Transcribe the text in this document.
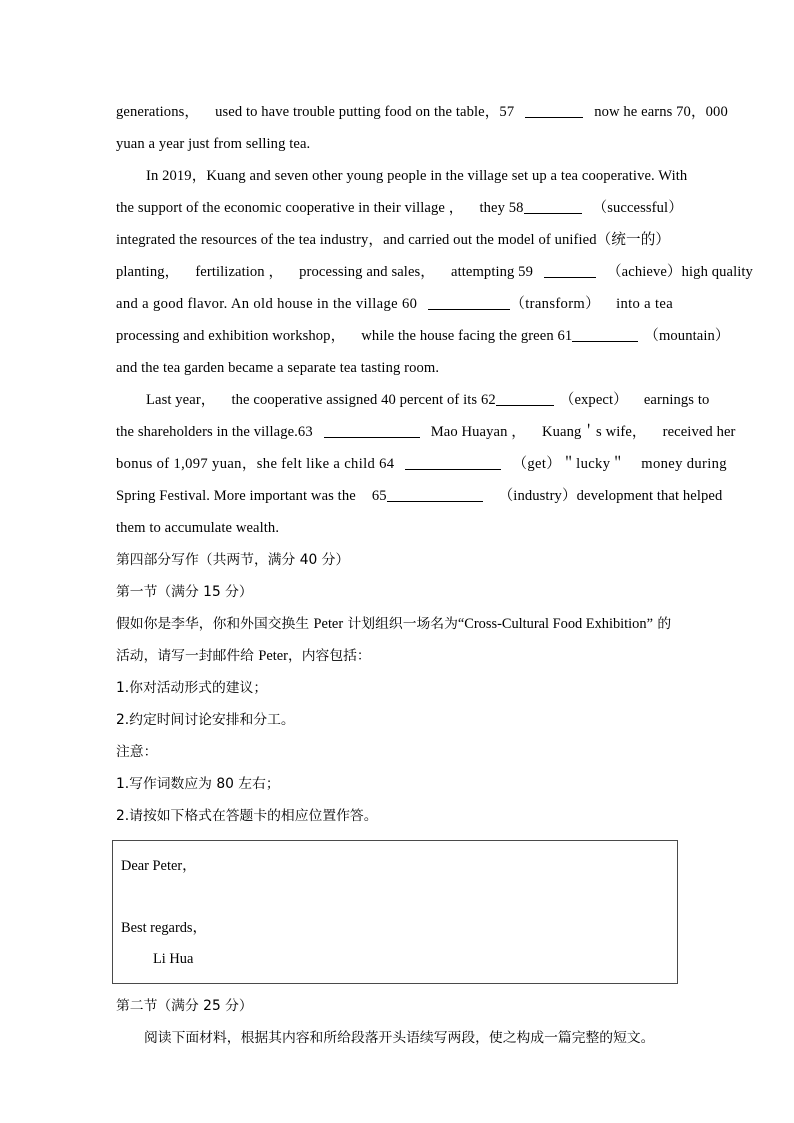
generations， used to have trouble putting food on the table，57	now he earns 70，000
yuan a year just from selling tea.
In 2019，Kuang and seven other young people in the village set up a tea cooperative. With
the support of the economic cooperative in their village ， they 58	（successful）
integrated the resources of the tea industry，and carried out the model of unified（统一的）
planting， fertilization ， processing and sales， attempting 59	（achieve）high quality
and a good flavor. An old house in the village 60	（transform） into a tea
processing and exhibition workshop， while the house facing the green 61	（mountain）
and the tea garden became a separate tea tasting room.
Last year， the cooperative assigned 40 percent of its 62	（expect） earnings to
the shareholders in the village.63	Mao Huayan ， Kuang＇s wife， received her
bonus of 1,097 yuan，she felt like a child 64	（get）＂lucky＂ money during
Spring Festival. More important was the 65	（industry）development that helped
them to accumulate wealth.
第四部分写作（共两节，满分 40 分）
第一节（满分 15 分）
假如你是李华，你和外国交换生 Peter 计划组织一场名为“Cross-Cultural Food Exhibition” 的
活动，请写一封邮件给 Peter，内容包括：
1.你对活动形式的建议；
2.约定时间讨论安排和分工。
注意：
1.写作词数应为 80 左右；
2.请按如下格式在答题卡的相应位置作答。
Dear Peter，
Best regards，
Li Hua
第二节（满分 25 分）
阅读下面材料，根据其内容和所给段落开头语续写两段，使之构成一篇完整的短文。
